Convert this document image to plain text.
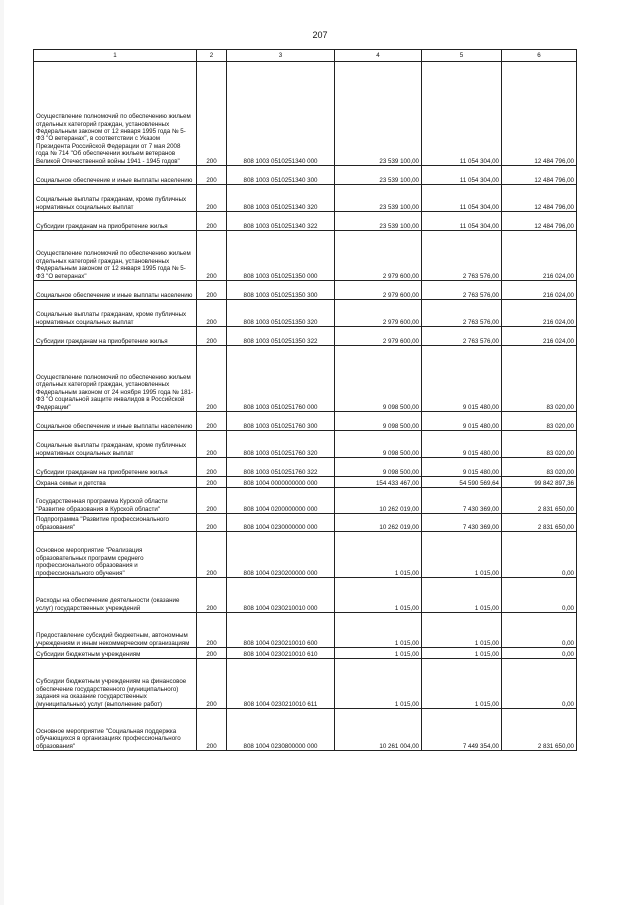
207
1	2	3	4	5	6
Осуществление полномочий по обеспечению жильем отдельных категорий граждан, установленных Федеральным законом от 12 января 1995 года № 5-ФЗ "О ветеранах", в соответствии с Указом Президента Российской Федерации от 7 мая 2008 года № 714 "Об обеспечении жильем ветеранов Великой Отечественной войны 1941 - 1945 годов"	200	808 1003 0510251340 000	23 539 100,00	11 054 304,00	12 484 796,00
Социальное обеспечение и иные выплаты населению	200	808 1003 0510251340 300	23 539 100,00	11 054 304,00	12 484 796,00
Социальные выплаты гражданам, кроме публичных нормативных социальных выплат	200	808 1003 0510251340 320	23 539 100,00	11 054 304,00	12 484 796,00
Субсидии гражданам на приобретение жилья	200	808 1003 0510251340 322	23 539 100,00	11 054 304,00	12 484 796,00
Осуществление полномочий по обеспечению жильем отдельных категорий граждан, установленных Федеральным законом от 12 января 1995 года № 5-ФЗ "О ветеранах"	200	808 1003 0510251350 000	2 979 600,00	2 763 576,00	216 024,00
Социальное обеспечение и иные выплаты населению	200	808 1003 0510251350 300	2 979 600,00	2 763 576,00	216 024,00
Социальные выплаты гражданам, кроме публичных нормативных социальных выплат	200	808 1003 0510251350 320	2 979 600,00	2 763 576,00	216 024,00
Субсидии гражданам на приобретение жилья	200	808 1003 0510251350 322	2 979 600,00	2 763 576,00	216 024,00
Осуществление полномочий по обеспечению жильем отдельных категорий граждан, установленных Федеральным законом от 24 ноября 1995 года № 181-ФЗ "О социальной защите инвалидов в Российской Федерации"	200	808 1003 0510251760 000	9 098 500,00	9 015 480,00	83 020,00
Социальное обеспечение и иные выплаты населению	200	808 1003 0510251760 300	9 098 500,00	9 015 480,00	83 020,00
Социальные выплаты гражданам, кроме публичных нормативных социальных выплат	200	808 1003 0510251760 320	9 098 500,00	9 015 480,00	83 020,00
Субсидии гражданам на приобретение жилья	200	808 1003 0510251760 322	9 098 500,00	9 015 480,00	83 020,00
Охрана семьи и детства	200	808 1004 0000000000 000	154 433 467,00	54 590 569,64	99 842 897,36
Государственная программа Курской области "Развитие образования в Курской области"	200	808 1004 0200000000 000	10 262 019,00	7 430 369,00	2 831 650,00
Подпрограмма "Развитие профессионального образования"	200	808 1004 0230000000 000	10 262 019,00	7 430 369,00	2 831 650,00
Основное мероприятие "Реализация образовательных программ среднего профессионального образования и профессионального обучения"	200	808 1004 0230200000 000	1 015,00	1 015,00	0,00
Расходы на обеспечение деятельности (оказание услуг) государственных учреждений	200	808 1004 0230210010 000	1 015,00	1 015,00	0,00
Предоставление субсидий бюджетным, автономным учреждениям и иным некоммерческим организациям	200	808 1004 0230210010 600	1 015,00	1 015,00	0,00
Субсидии бюджетным учреждениям	200	808 1004 0230210010 610	1 015,00	1 015,00	0,00
Субсидии бюджетным учреждениям на финансовое обеспечение государственного (муниципального) задания на оказание государственных (муниципальных) услуг (выполнение работ)	200	808 1004 0230210010 611	1 015,00	1 015,00	0,00
Основное мероприятие "Социальная поддержка обучающихся в организациях профессионального образования"	200	808 1004 0230800000 000	10 261 004,00	7 449 354,00	2 831 650,00
